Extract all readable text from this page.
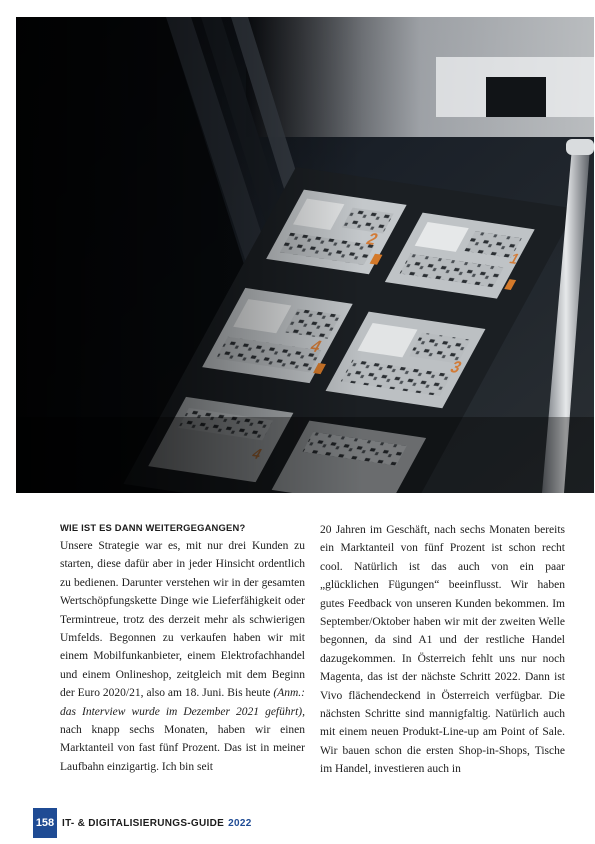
WIE IST ES DANN WEITERGEGANGEN?

Unsere Strategie war es, mit nur drei Kunden zu starten, diese dafür aber in jeder Hinsicht ordentlich zu bedienen. Darunter verstehen wir in der gesamten Wertschöpfungskette Dinge wie Lieferfähigkeit oder Termintreue, trotz des derzeit mehr als schwierigen Umfelds. Begonnen zu verkaufen haben wir mit einem Mobilfunkanbieter, einem Elektrofachhandel und einem Onlineshop, zeitgleich mit dem Beginn der Euro 2020/21, also am 18. Juni. Bis heute (Anm.: das Interview wurde im Dezember 2021 geführt), nach knapp sechs Monaten, haben wir einen Marktanteil von fast fünf Prozent. Das ist in meiner Laufbahn einzigartig. Ich bin seit

20 Jahren im Geschäft, nach sechs Monaten bereits ein Marktanteil von fünf Prozent ist schon recht cool. Natürlich ist das auch von ein paar „glücklichen Fügungen“ beeinflusst. Wir haben gutes Feedback von unseren Kunden bekommen. Im September/Oktober haben wir mit der zweiten Welle begonnen, da sind A1 und der restliche Handel dazugekommen. In Österreich fehlt uns nur noch Magenta, das ist der nächste Schritt 2022. Dann ist Vivo flächendeckend in Österreich verfügbar. Die nächsten Schritte sind mannigfaltig. Natürlich auch mit einem neuen Produkt-Line-up am Point of Sale. Wir bauen schon die ersten Shop-in-Shops, Tische im Handel, investieren auch in

158 IT- & DIGITALISIERUNGS-GUIDE 2022
